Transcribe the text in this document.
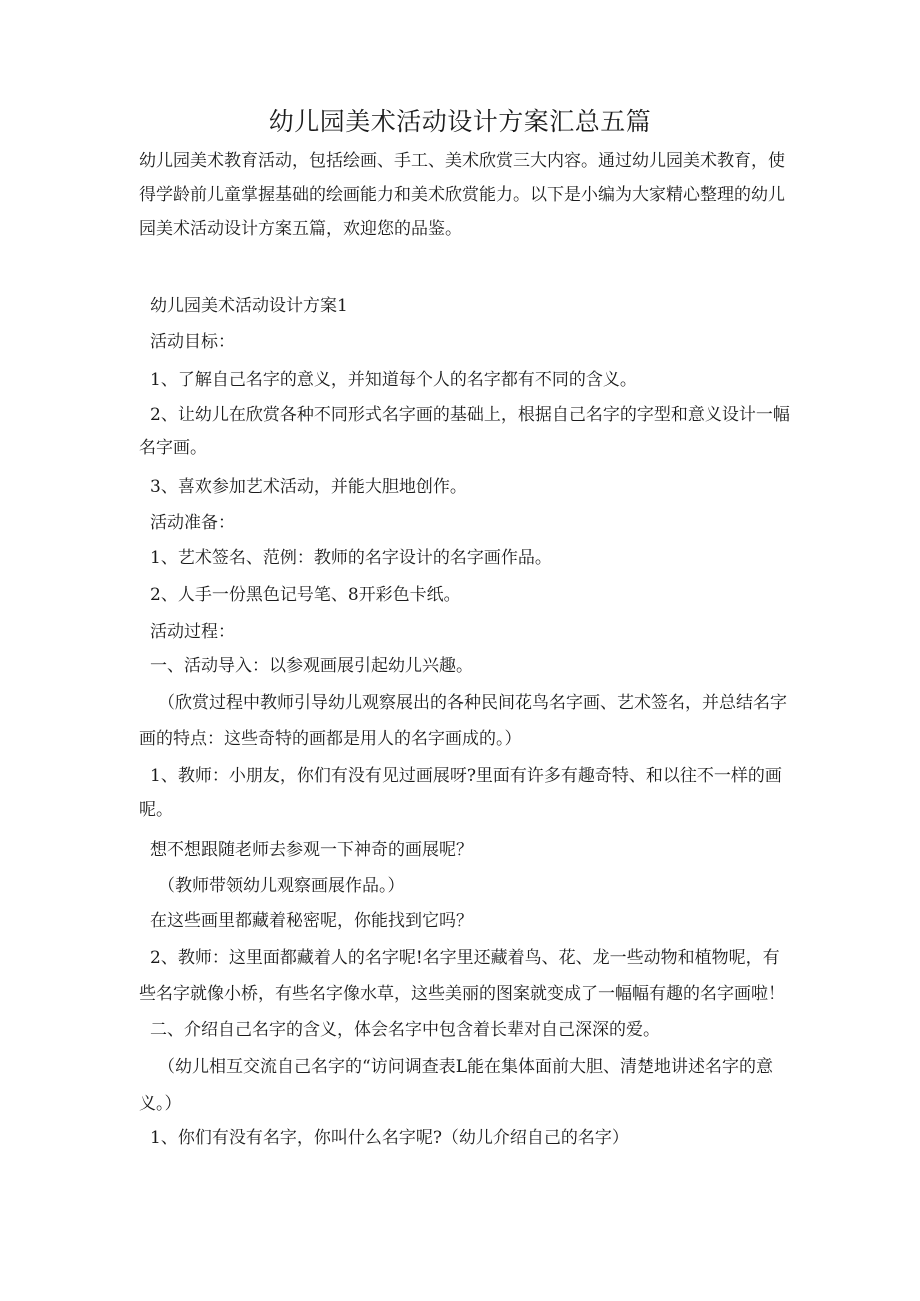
幼儿园美术活动设计方案汇总五篇
幼儿园美术教育活动，包括绘画、手工、美术欣赏三大内容。通过幼儿园美术教育，使
得学龄前儿童掌握基础的绘画能力和美术欣赏能力。以下是小编为大家精心整理的幼儿
园美术活动设计方案五篇，欢迎您的品鉴。
幼儿园美术活动设计方案1
活动目标：
1、了解自己名字的意义，并知道每个人的名字都有不同的含义。
2、让幼儿在欣赏各种不同形式名字画的基础上，根据自己名字的字型和意义设计一幅
名字画。
3、喜欢参加艺术活动，并能大胆地创作。
活动准备：
1、艺术签名、范例：教师的名字设计的名字画作品。
2、人手一份黑色记号笔、8开彩色卡纸。
活动过程：
一、活动导入：以参观画展引起幼儿兴趣。
（欣赏过程中教师引导幼儿观察展出的各种民间花鸟名字画、艺术签名，并总结名字
画的特点：这些奇特的画都是用人的名字画成的。）
1、教师：小朋友，你们有没有见过画展呀?里面有许多有趣奇特、和以往不一样的画
呢。
想不想跟随老师去参观一下神奇的画展呢？
（教师带领幼儿观察画展作品。）
在这些画里都藏着秘密呢，你能找到它吗？
2、教师：这里面都藏着人的名字呢!名字里还藏着鸟、花、龙一些动物和植物呢，有
些名字就像小桥，有些名字像水草，这些美丽的图案就变成了一幅幅有趣的名字画啦！
二、介绍自己名字的含义，体会名字中包含着长辈对自己深深的爱。
（幼儿相互交流自己名字的“访问调查表L能在集体面前大胆、清楚地讲述名字的意
义。）
1、你们有没有名字，你叫什么名字呢?（幼儿介绍自己的名字）
